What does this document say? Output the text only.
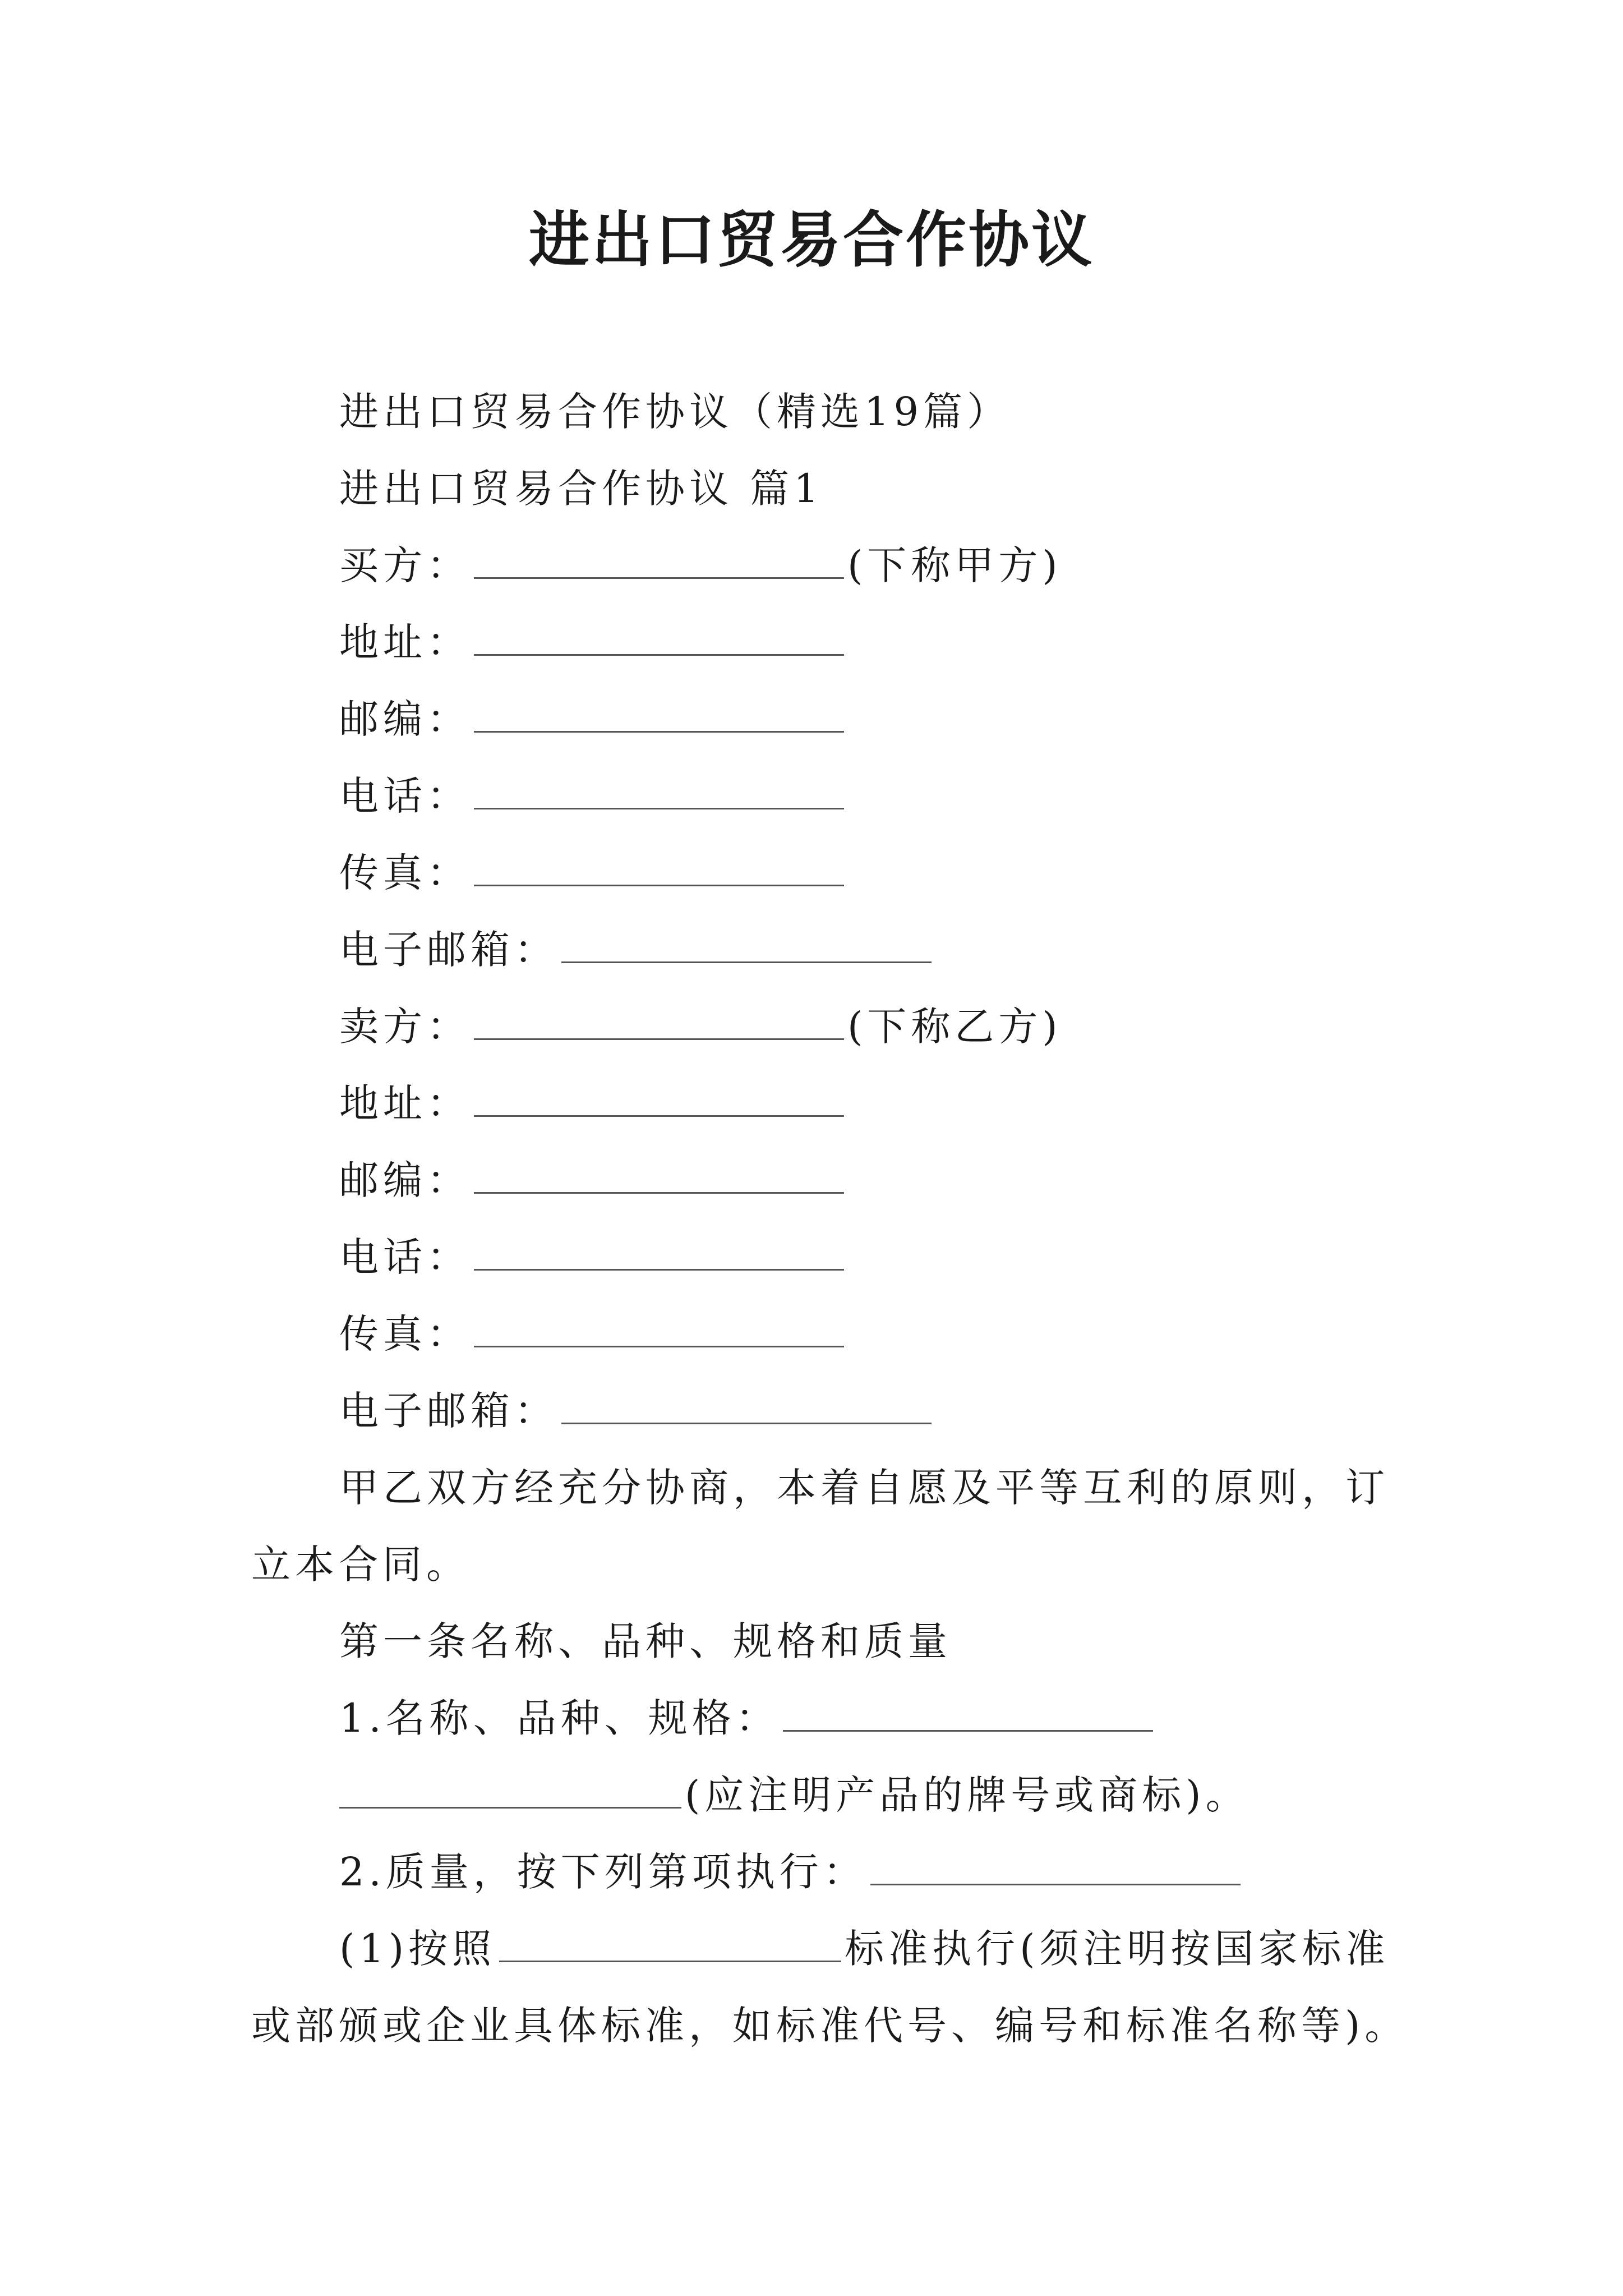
进出口贸易合作协议
进出口贸易合作协议（精选19篇）
进出口贸易合作协议 篇1
买方：	(下称甲方)
地址：
邮编：
电话：
传真：
电子邮箱：
卖方：	(下称乙方)
地址：
邮编：
电话：
传真：
电子邮箱：
甲乙双方经充分协商，本着自愿及平等互利的原则，订
立本合同。
第一条名称、品种、规格和质量
1.名称、品种、规格：
(应注明产品的牌号或商标)。
2.质量，按下列第项执行：
(1)按照	标准执行(须注明按国家标准
或部颁或企业具体标准，如标准代号、编号和标准名称等)。
